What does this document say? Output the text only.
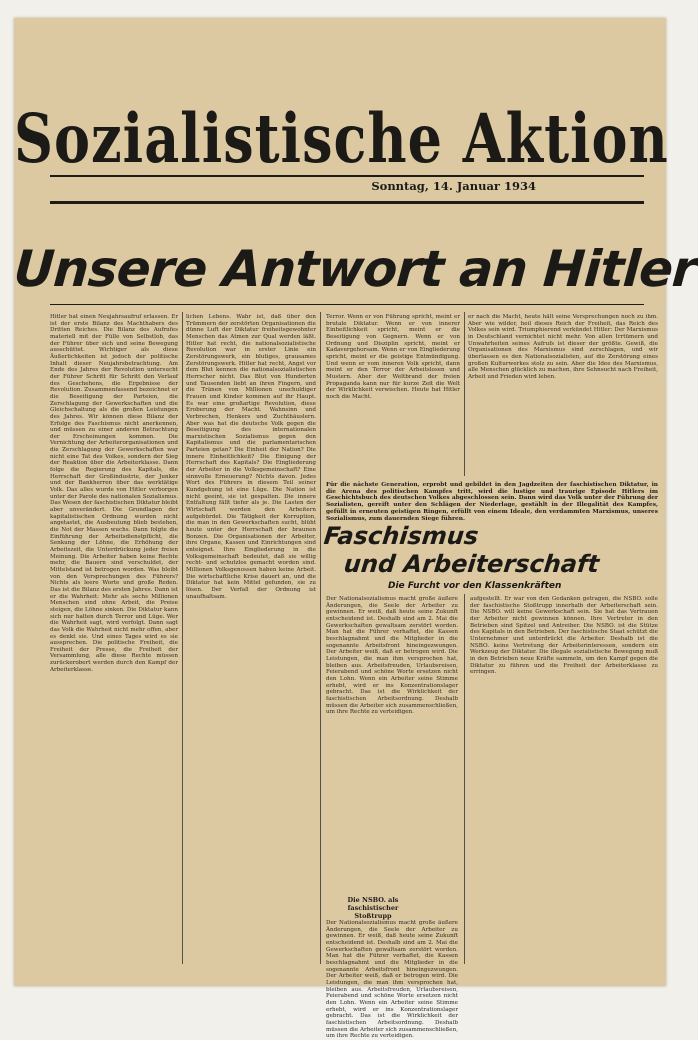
Sozialistische Aktion
Sonntag, 14. Januar 1934
Unsere Antwort an Hitler

Hitler hat einen Neujahrsaufruf erlassen. Er ist der erste Bilanz des Machthabers des Dritten Reiches. Die Bilanz des Aufrufes materiell mit der Fülle von Selbstlob, das der Führer über sich und seine Bewegung ausschüttet. Wichtiger als diese Äußerlichkeiten ist jedoch der politische Inhalt dieser Neujahrsbetrachtung. Am Ende des Jahres der Revolution untersucht der Führer Schritt für Schritt den Verlauf des Geschehens, die Ergebnisse der Revolution. Zusammenfassend bezeichnet er die Beseitigung der Parteien, die Zerschlagung der Gewerkschaften und die Gleichschaltung als die großen Leistungen des Jahres. Wir können diese Bilanz der Erfolge des Faschismus nicht anerkennen, und müssen zu einer anderen Betrachtung der Erscheinungen kommen. Die Vernichtung der Arbeiterorganisationen und die Zerschlagung der Gewerkschaften war nicht eine Tat des Volkes, sondern der Sieg der Reaktion über die Arbeiterklasse. Dann folge die Regierung des Kapitals, die Herrschaft der Großindustrie, der Junker und der Bankherren über das werktätige Volk. Das alles wurde von Hitler verborgen unter der Parole des nationalen Sozialismus. Das Wesen der faschistischen Diktatur bleibt aber unverändert. Die Grundlagen der kapitalistischen Ordnung wurden nicht angetastet, die Ausbeutung blieb bestehen, die Not der Massen wuchs. Dann folgte die Einführung der Arbeitsdienstpflicht, die Senkung der Löhne, die Erhöhung der Arbeitszeit, die Unterdrückung jeder freien Meinung. Die Arbeiter haben keine Rechte mehr, die Bauern sind verschuldet, der Mittelstand ist betrogen worden. Was bleibt von den Versprechungen des Führers? Nichts als leere Worte und große Reden. Das ist die Bilanz des ersten Jahres. Dann ist er die Wahrheit: Mehr als sechs Millionen Menschen sind ohne Arbeit, die Preise steigen, die Löhne sinken. Die Diktatur kann sich nur halten durch Terror und Lüge. Wer die Wahrheit sagt, wird verfolgt. Dann sagt das Volk die Wahrheit nicht mehr offen, aber es denkt sie. Und eines Tages wird es sie aussprechen. Die politische Freiheit, die Freiheit der Presse, die Freiheit der Versammlung, alle diese Rechte müssen zurückerobert werden durch den Kampf der Arbeiterklasse.

lichen Lebens. Wahr ist, daß über den Trümmern der zerstörten Organisationen die dünne Luft der Diktatur freiheitsgewohnter Menschen das Atmen zur Qual werden läßt. Hitler hat recht, die nationalsozialistische Revolution war in erster Linie ein Zerstörungswerk, ein blutiges, grausames Zerstörungswerk. Hitler hat recht, Angst vor dem Blut kennen die nationalsozialistischen Herrscher nicht. Das Blut von Hunderten und Tausenden liebt an ihren Fingern, und die Tränen von Millionen unschuldiger Frauen und Kinder kommen auf ihr Haupt. Es war eine großartige Revolution, diese Eroberung der Macht. Wahnsinn und Verbrechen, Henkers und Zuchthäuslern. Aber was hat die deutsche Volk gegen die Beseitigung des internationalen marxistischen Sozialismus gegen den Kapitalismus und die parlamentarischen Parteien getan? Die Einheit der Nation? Die innere Einheitlichkeit? Die Einigung der Herrschaft des Kapitals? Die Eingliederung der Arbeiter in die Volksgemeinschaft? Eine sinnvolle Erneuerung? Nichts davon. Jedes Wort des Führers in diesem Teil seiner Kundgebung ist eine Lüge. Die Nation ist nicht geeint, sie ist gespalten. Die innere Entfaltung fällt tiefer als je. Die Lasten der Wirtschaft werden den Arbeitern aufgebürdet. Die Tätigkeit der Korruption, die man in den Gewerkschaften sucht, blüht heute unter der Herrschaft der braunen Bonzen. Die Organisationen der Arbeiter, ihre Organe, Kassen und Einrichtungen sind enteignet. Ihre Eingliederung in die Volksgemeinschaft bedeutet, daß sie willig recht- und schutzlos gemacht worden sind. Millionen Volksgenossen haben keine Arbeit. Die wirtschaftliche Krise dauert an, und die Diktatur hat kein Mittel gefunden, sie zu lösen. Der Verfall der Ordnung ist unaufhaltsam.

Terror. Wenn er von Führung spricht, meint er brutale Diktatur. Wenn er von innerer Einheitlichkeit spricht, meint er die Beseitigung von Gegnern. Wenn er von Ordnung und Disziplin spricht, meint er Kadavergehorsam. Wenn er von Eingliederung spricht, meint er die geistige Entmündigung. Und wenn er vom inneren Volk spricht, dann meint er den Terror der Arbeitslosen und Mustern. Aber der Weltbrand der freien Propaganda kann nur für kurze Zeit die Welt der Wirklichkeit verwischen. Heute hat Hitler noch die Macht.

er nach die Macht, heute hält seine Versprechungen noch zu ihm. Aber wie wilder, heil dieses Reich der Freiheit, das Reich des Volkes sein wird. Triumphierend verkündet Hitler: Der Marxismus in Deutschland vernichtet nicht mehr. Von allen Irrtümern und Unwahrheiten seines Aufrufs ist dieser der größte. Gewiß, die Organisationen des Marxismus sind zerschlagen, und wir überlassen es den Nationalsozialisten, auf die Zerstörung eines großen Kulturwerkes stolz zu sein. Aber die Idee des Marxismus, alle Menschen glücklich zu machen, ihre Sehnsucht nach Freiheit, Arbeit und Frieden wird leben.

Für die nächste Generation, erprobt und gebildet in den Jagdzeiten der faschistischen Diktatur, in die Arena des politischen Kampfes tritt, wird die lustige und traurige Episode Hitlers im Geschichtsbuch des deutschen Volkes abgeschlossen sein. Dann wird das Volk unter der Führung der Sozialisten, gereift unter den Schlägen der Niederlage, gestählt in der Illegalität des Kampfes, gefüllt in erneuten geistigen Ringen, erfüllt von einem Ideale, den verdammten Marxismus, unseres Sozialismus, zum dauernden Siege führen.
Faschismus
und Arbeiterschaft
Die Furcht vor den Klassenkräften

Der Nationalsozialismus macht große äußere Änderungen, die Seele der Arbeiter zu gewinnen. Er weiß, daß heute seine Zukunft entscheidend ist. Deshalb sind am 2. Mai die Gewerkschaften gewaltsam zerstört worden. Man hat die Führer verhaftet, die Kassen beschlagnahmt und die Mitglieder in die sogenannte Arbeitsfront hineingezwungen. Der Arbeiter weiß, daß er betrogen wird. Die Leistungen, die man ihm versprochen hat, bleiben aus. Arbeitsfreuden, Urlaubsreisen, Feierabend und schöne Worte ersetzen nicht den Lohn. Wenn ein Arbeiter seine Stimme erhebt, wird er ins Konzentrationslager gebracht. Das ist die Wirklichkeit der faschistischen Arbeitsordnung. Deshalb müssen die Arbeiter sich zusammenschließen, um ihre Rechte zu verteidigen.

Die NSBO. als faschistischer Stoßtrupp

Der Nationalsozialismus macht große äußere Änderungen, die Seele der Arbeiter zu gewinnen. Er weiß, daß heute seine Zukunft entscheidend ist. Deshalb sind am 2. Mai die Gewerkschaften gewaltsam zerstört worden. Man hat die Führer verhaftet, die Kassen beschlagnahmt und die Mitglieder in die sogenannte Arbeitsfront hineingezwungen. Der Arbeiter weiß, daß er betrogen wird. Die Leistungen, die man ihm versprochen hat, bleiben aus. Arbeitsfreuden, Urlaubsreisen, Feierabend und schöne Worte ersetzen nicht den Lohn. Wenn ein Arbeiter seine Stimme erhebt, wird er ins Konzentrationslager gebracht. Das ist die Wirklichkeit der faschistischen Arbeitsordnung. Deshalb müssen die Arbeiter sich zusammenschließen, um ihre Rechte zu verteidigen.

aufgestellt. Er war von den Gedanken getragen, die NSBO. solle der faschistische Stoßtrupp innerhalb der Arbeiterschaft sein. Die NSBO. will keine Gewerkschaft sein. Sie hat das Vertrauen der Arbeiter nicht gewinnen können. Ihre Vertreter in den Betrieben sind Spitzel und Antreiber. Die NSBO. ist die Stütze des Kapitals in den Betrieben. Der faschistische Staat schützt die Unternehmer und unterdrückt die Arbeiter. Deshalb ist die NSBO. keine Vertretung der Arbeiterinteressen, sondern ein Werkzeug der Diktatur. Die illegale sozialistische Bewegung muß in den Betrieben neue Kräfte sammeln, um den Kampf gegen die Diktatur zu führen und die Freiheit der Arbeiterklasse zu erringen.
